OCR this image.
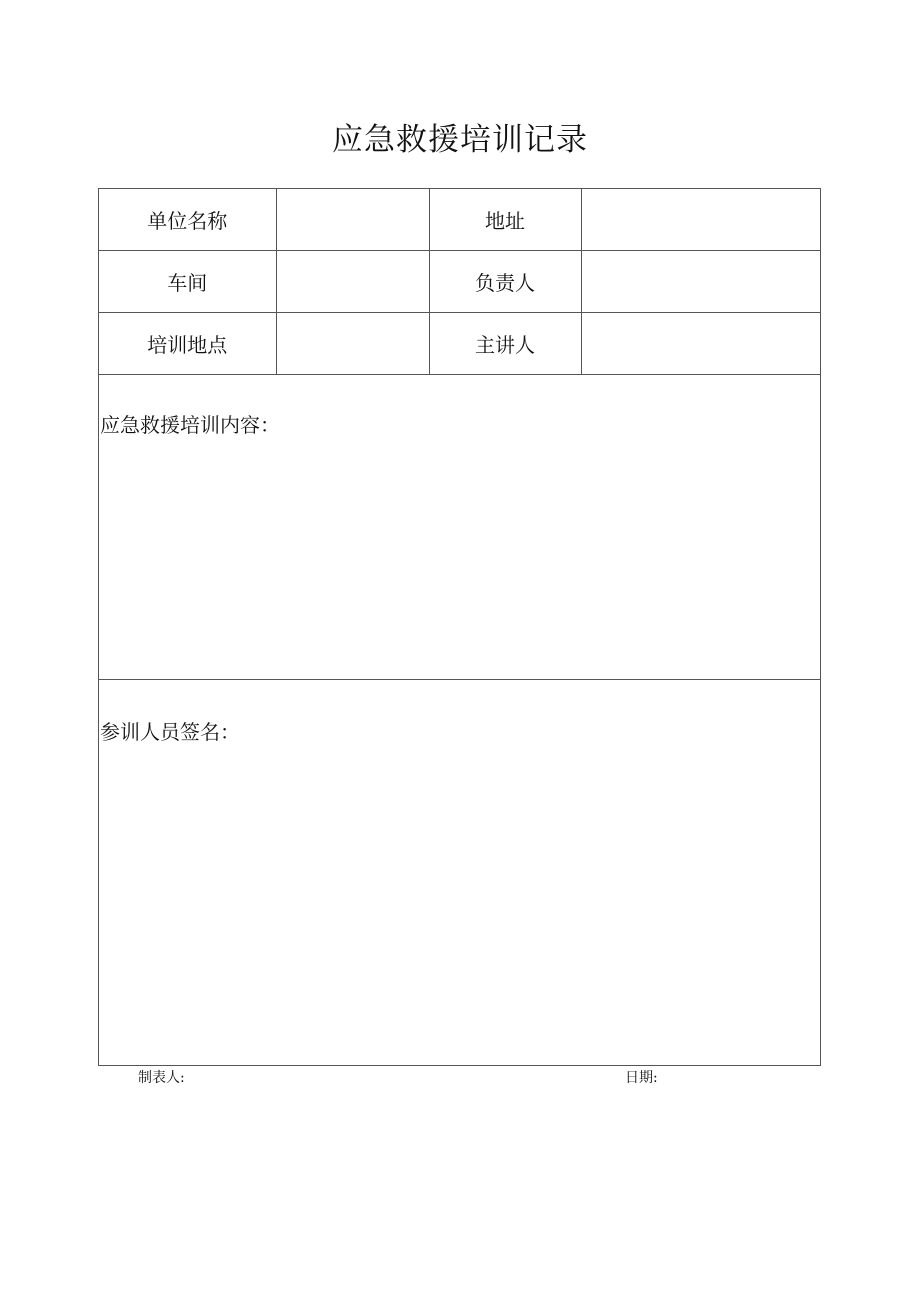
应急救援培训记录
单位名称		地址	
车间		负责人	
培训地点		主讲人	
应急救援培训内容：
参训人员签名：
制表人:	日期:
